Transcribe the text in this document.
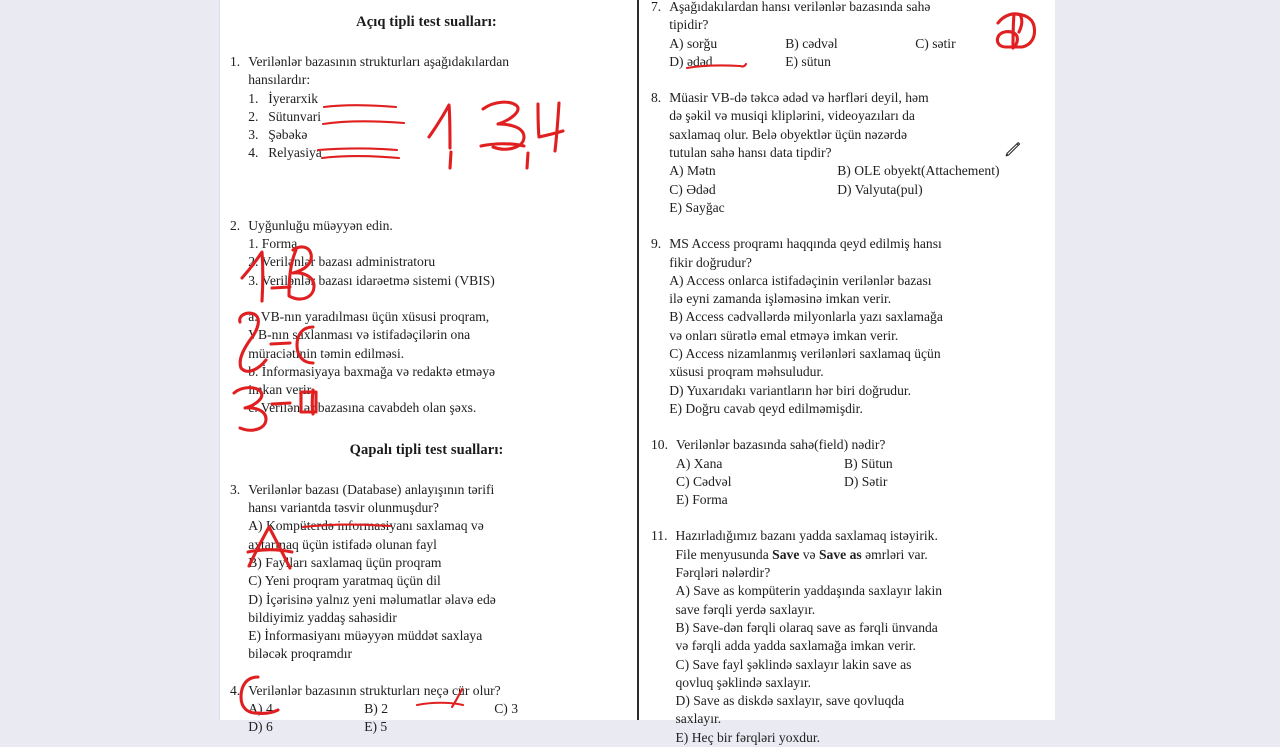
Açıq tipli test sualları:
1. Verilənlər bazasının strukturları aşağıdakılardan
hansılardır:
1. İyerarxik
2. Sütunvari
3. Şəbəkə
4. Relyasiya
2. Uyğunluğu müəyyən edin.
1. Forma
2. Verilənlər bazası administratoru
3. Verilənlər bazası idarəetmə sistemi (VBIS)
a. VB-nın yaradılması üçün xüsusi proqram,
VB-nın saxlanması və istifadəçilərin ona
müraciətinin təmin edilməsi.
b. İnformasiyaya baxmağa və redaktə etməyə
imkan verir.
c. Verilənlər bazasına cavabdeh olan şəxs.
Qapalı tipli test sualları:
3. Verilənlər bazası (Database) anlayışının tərifi
hansı variantda təsvir olunmuşdur?
A) Kompüterdə informasiyanı saxlamaq və
axtarmaq üçün istifadə olunan fayl
B) Faylları saxlamaq üçün proqram
C) Yeni proqram yaratmaq üçün dil
D) İçərisinə yalnız yeni məlumatlar əlavə edə
bildiyimiz yaddaş sahəsidir
E) İnformasiyanı müəyyən müddət saxlaya
biləcək proqramdır
4. Verilənlər bazasının strukturları neçə cür olur?
A) 4	B) 2	C) 3
D) 6	E) 5
7. Aşağıdakılardan hansı verilənlər bazasında sahə
tipidir?
A) sorğu	B) cədvəl	C) sətir
D) ədəd	E) sütun
8. Müasir VB-də təkcə ədəd və hərfləri deyil, həm
də şəkil və musiqi kliplərini, videoyazıları da
saxlamaq olur. Belə obyektlər üçün nəzərdə
tutulan sahə hansı data tipdir?
A) Mətn	B) OLE obyekt(Attachement)
C) Ədəd	D) Valyuta(pul)
E) Sayğac
9. MS Access proqramı haqqında qeyd edilmiş hansı
fikir doğrudur?
A) Access onlarca istifadəçinin verilənlər bazası
ilə eyni zamanda işləməsinə imkan verir.
B) Access cədvəllərdə milyonlarla yazı saxlamağa
və onları sürətlə emal etməyə imkan verir.
C) Access nizamlanmış verilənləri saxlamaq üçün
xüsusi proqram məhsuludur.
D) Yuxarıdakı variantların hər biri doğrudur.
E) Doğru cavab qeyd edilməmişdir.
10. Verilənlər bazasında sahə(field) nədir?
A) Xana	B) Sütun
C) Cədvəl	D) Sətir
E) Forma
11. Hazırladığımız bazanı yadda saxlamaq istəyirik.
File menyusunda Save və Save as əmrləri var.
Fərqləri nələrdir?
A) Save as kompüterin yaddaşında saxlayır lakin
save fərqli yerdə saxlayır.
B) Save-dən fərqli olaraq save as fərqli ünvanda
və fərqli adda yadda saxlamağa imkan verir.
C) Save fayl şəklində saxlayır lakin save as
qovluq şəklində saxlayır.
D) Save as diskdə saxlayır, save qovluqda
saxlayır.
E) Heç bir fərqləri yoxdur.
